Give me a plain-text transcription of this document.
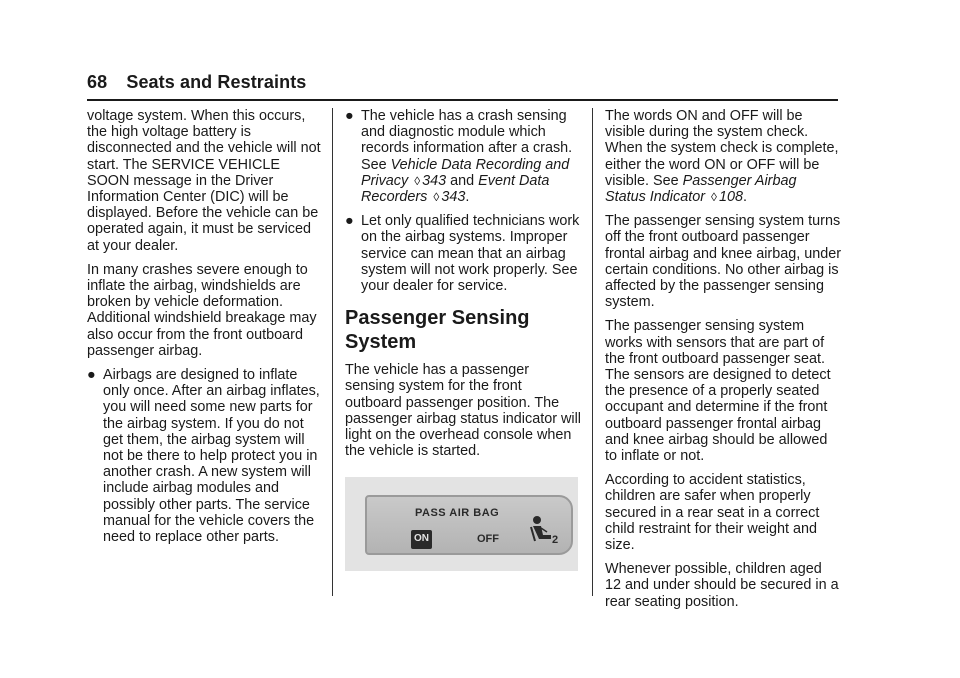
68 Seats and Restraints

voltage system. When this occurs, the high voltage battery is disconnected and the vehicle will not start. The SERVICE VEHICLE SOON message in the Driver Information Center (DIC) will be displayed. Before the vehicle can be operated again, it must be serviced at your dealer.

In many crashes severe enough to inflate the airbag, windshields are broken by vehicle deformation. Additional windshield breakage may also occur from the front outboard passenger airbag.

● Airbags are designed to inflate only once. After an airbag inflates, you will need some new parts for the airbag system. If you do not get them, the airbag system will not be there to help protect you in another crash. A new system will include airbag modules and possibly other parts. The service manual for the vehicle covers the need to replace other parts.
● The vehicle has a crash sensing and diagnostic module which records information after a crash. See Vehicle Data Recording and Privacy ◊ 343 and Event Data Recorders ◊ 343.
● Let only qualified technicians work on the airbag systems. Improper service can mean that an airbag system will not work properly. See your dealer for service.
Passenger Sensing System

The vehicle has a passenger sensing system for the front outboard passenger position. The passenger airbag status indicator will light on the overhead console when the vehicle is started.

PASS AIR BAG
ON	OFF	2

The words ON and OFF will be visible during the system check. When the system check is complete, either the word ON or OFF will be visible. See Passenger Airbag Status Indicator ◊ 108.

The passenger sensing system turns off the front outboard passenger frontal airbag and knee airbag, under certain conditions. No other airbag is affected by the passenger sensing system.

The passenger sensing system works with sensors that are part of the front outboard passenger seat. The sensors are designed to detect the presence of a properly seated occupant and determine if the front outboard passenger frontal airbag and knee airbag should be allowed to inflate or not.

According to accident statistics, children are safer when properly secured in a rear seat in a correct child restraint for their weight and size.

Whenever possible, children aged 12 and under should be secured in a rear seating position.
